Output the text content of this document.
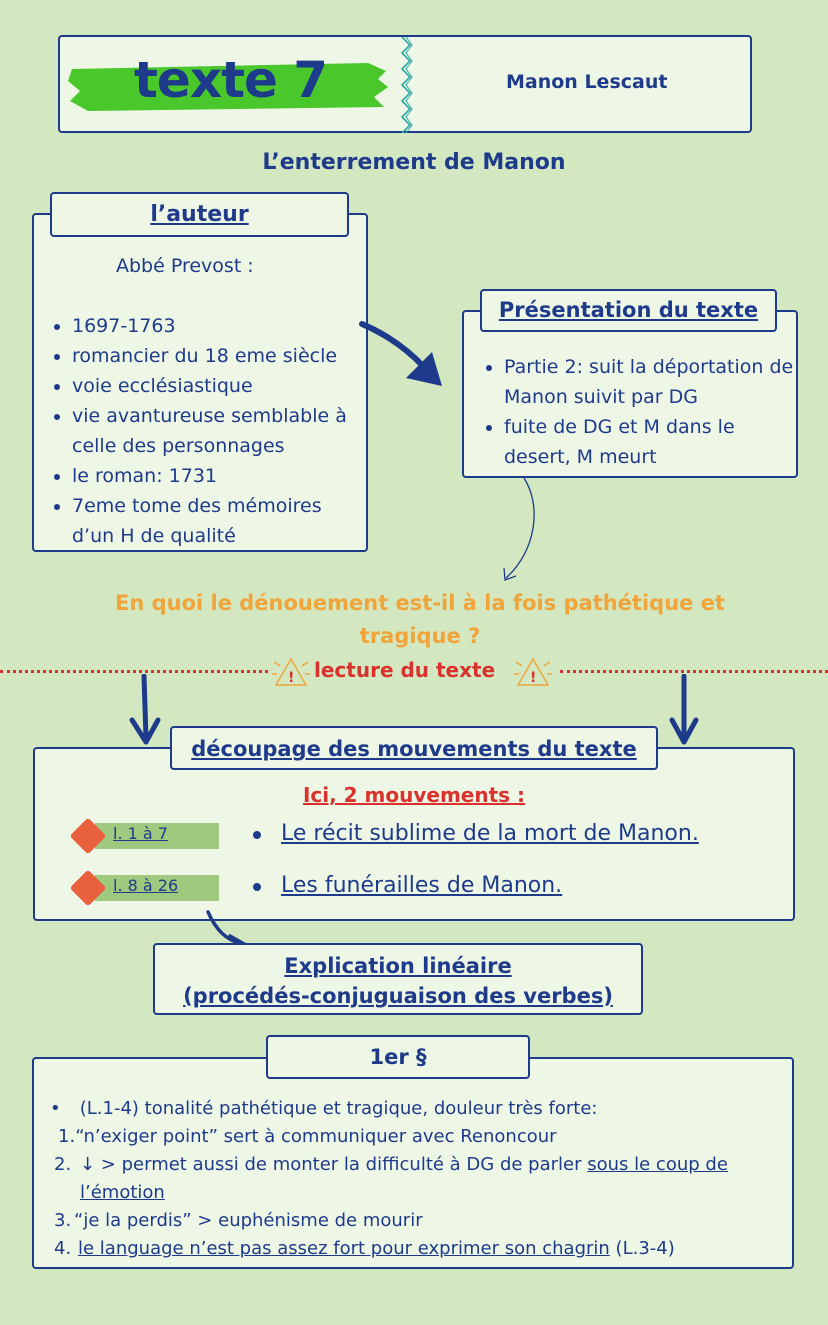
texte 7	Manon Lescaut
L’enterrement de Manon
Abbé Prevost :
• 1697-1763
• romancier du 18 eme siècle
• voie ecclésiastique
• vie avantureuse semblable à celle des personnages
• le roman: 1731
• 7eme tome des mémoires d’un H de qualité
l’auteur
• Partie 2: suit la déportation de Manon suivit par DG
• fuite de DG et M dans le desert, M meurt
Présentation du texte
En quoi le dénouement est-il à la fois pathétique et tragique ?
! lecture du texte !
Ici, 2 mouvements :
l. 1 à 7	Le récit sublime de la mort de Manon.
l. 8 à 26	Les funérailles de Manon.
découpage des mouvements du texte
Explication linéaire
(procédés-conjuguaison des verbes)
• (L.1-4) tonalité pathétique et tragique, douleur très forte:
1.“n’exiger point” sert à communiquer avec Renoncour
2. ↓ > permet aussi de monter la difficulté à DG de parler sous le coup de l’émotion
3. “je la perdis” > euphénisme de mourir
4. le language n’est pas assez fort pour exprimer son chagrin (L.3-4)
1er §
